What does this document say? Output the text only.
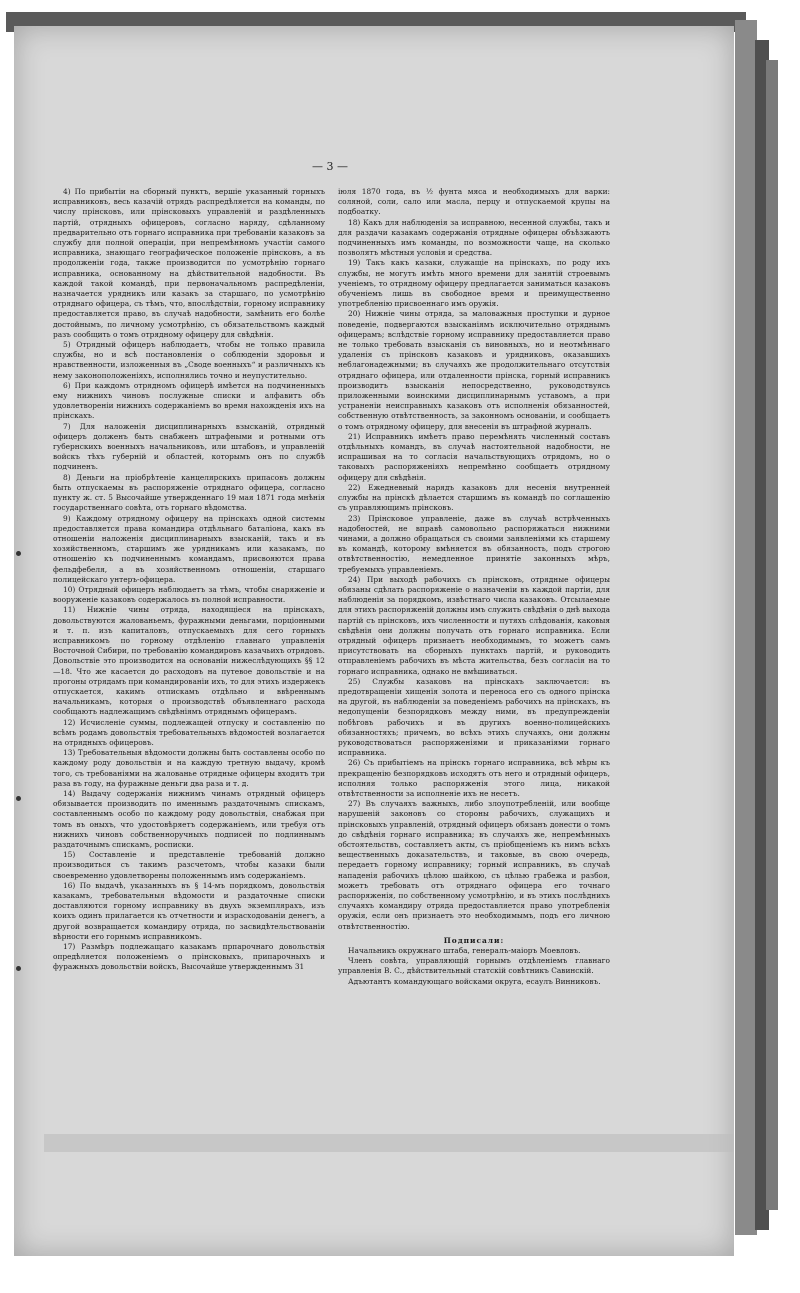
— 3 —

4) По прибытіи на сборный пунктъ, вершіе указанный горныхъ исправниковъ, весь казачій отрядъ распредѣляется на команды, по числу прінсковъ, или прінсковыхъ управленій и раздѣленныхъ партій, отрядныхъ офицеровъ, согласно наряду, сдѣланному предварительно отъ горнаго исправника при требованіи казаковъ за службу для полной операціи, при непремѣнномъ участіи самого исправника, знающаго географическое положеніе прінсковъ, а въ продолженіи года, также производится по усмотрѣнію горнаго исправника, основанному на дѣйствительной надобности. Въ каждой такой командѣ, при первоначальномъ распредѣленіи, назначается урядникъ или казакъ за старшаго, по усмотрѣнію отряднаго офицера, съ тѣмъ, что, впослѣдствіи, горному исправнику предоставляется право, въ случаѣ надобности, замѣнить его болѣе достойнымъ, по личному усмотрѣнію, съ обязательствомъ каждый разъ сообщить о томъ отрядному офицеру для свѣдѣнія.

5) Отрядный офицеръ наблюдаетъ, чтобы не только правила службы, но и всѣ постановленія о соблюденіи здоровья и нравственности, изложенныя въ „Своде военныхъ“ и различныхъ къ нему законоположеніяхъ, исполнялись точно и неупустительно.

6) При каждомъ отрядномъ офицерѣ имѣется на подчиненныхъ ему нижнихъ чиновъ послужные списки и алфавитъ объ удовлетвореніи нижнихъ содержаніемъ во время нахожденія ихъ на прінскахъ.

7) Для наложенія дисциплинарныхъ взысканій, отрядный офицеръ долженъ быть снабженъ штрафными и ротными отъ губернскихъ военныхъ начальниковъ, или штабовъ, и управленій войскъ тѣхъ губерній и областей, которымъ онъ по службѣ подчиненъ.

8) Деньги на пріобрѣтеніе канцелярскихъ припасовъ должны быть отпускаемы въ распоряженіе отряднаго офицера, согласно пункту ж. ст. 5 Высочайше утвержденнаго 19 мая 1871 года мнѣнія государственнаго совѣта, отъ горнаго вѣдомства.

9) Каждому отрядному офицеру на прінскахъ одной системы предоставляется права командира отдѣльнаго баталіона, какъ въ отношеніи наложенія дисциплинарныхъ взысканій, такъ и въ хозяйственномъ, старшимъ же урядникамъ или казакамъ, по отношенію къ подчиненнымъ командамъ, присвояются права фельдфебеля, а въ хозяйственномъ отношеніи, старшаго полицейскаго унтеръ-офицера.

10) Отрядный офицеръ наблюдаетъ за тѣмъ, чтобы снаряженіе и вооруженіе казаковъ содержалось въ полной исправности.

11) Нижніе чины отряда, находящіеся на прінскахъ, довольствуются жалованьемъ, фуражными деньгами, порціонными и т. п. изъ капиталовъ, отпускаемыхъ для сего горныхъ исправникомъ по горному отдѣленію главнаго управленія Восточной Сибири, по требованію командировъ казачьихъ отрядовъ. Довольствіе это производится на основаніи нижеслѣдующихъ §§ 12—18. Что же касается до расходовъ на путевое довольствіе и на прогоны отрядамъ при командированіи ихъ, то для этихъ издержекъ отпускается, какимъ отпискамъ отдѣльно и ввѣреннымъ начальникамъ, которыя о производствѣ объявленнаго расхода сообщаютъ надлежащимъ свѣдѣніямъ отряднымъ офицерамъ.

12) Исчисленіе суммы, подлежащей отпуску и составленію по всѣмъ родамъ довольствія требовательныхъ вѣдомостей возлагается на отрядныхъ офицеровъ.

13) Требовательныя вѣдомости должны быть составлены особо по каждому роду довольствія и на каждую третную выдачу, кромѣ того, съ требованіями на жалованье отрядные офицеры входятъ три раза въ году, на фуражные деньги два раза и т. д.

14) Выдачу содержанія нижнимъ чинамъ отрядный офицеръ обязывается производить по именнымъ раздаточнымъ спискамъ, составленнымъ особо по каждому роду довольствія, снабжая при томъ въ оныхъ, что удостовѣряетъ содержаніемъ, или требуя отъ нижнихъ чиновъ собственноручныхъ подписей по подлиннымъ раздаточнымъ спискамъ, росписки.

15) Составленіе и представленіе требованій должно производиться съ такимъ разсчетомъ, чтобы казаки были своевременно удовлетворены положеннымъ имъ содержаніемъ.

16) По выдачѣ, указанныхъ въ § 14-мъ порядкомъ, довольствія казакамъ, требовательныя вѣдомости и раздаточные списки доставляются горному исправнику въ двухъ экземплярахъ, изъ коихъ одинъ прилагается къ отчетности и израсходованіи денегъ, а другой возвращается командиру отряда, по засвидѣтельствованіи вѣрности его горнымъ исправникомъ.

17) Размѣръ подлежащаго казакамъ прпарочнаго довольствія опредѣляется положеніемъ о прінсковыхъ, припарочныхъ и фуражныхъ довольствіи войскъ, Высочайше утвержденнымъ 31

іюля 1870 года, въ ½ фунта мяса и необходимыхъ для варки: соляной, соли, сало или масла, перцу и отпускаемой крупы на подбоатку.

18) Какъ для наблюденія за исправною, несенной службы, такъ и для раздачи казакамъ содержанія отрядные офицеры объѣзжаютъ подчиненныхъ имъ команды, по возможности чаще, на сколько позволятъ мѣстныя условія и средства.

19) Такъ какъ казаки, служащіе на прінскахъ, по роду ихъ службы, не могутъ имѣть много времени для занятій строевымъ ученіемъ, то отрядному офицеру предлагается заниматься казаковъ обученіемъ лишь въ свободное время и преимущественно употребленію присвоеннаго имъ оружія.

20) Нижніе чины отряда, за маловажныя проступки и дурное поведеніе, подвергаются взысканіямъ исключительно отряднымъ офицерамъ; вслѣдствіе горному исправнику предоставляется право не только требовать взысканія съ виновныхъ, но и неотмѣннаго удаленія съ прінсковъ казаковъ и урядниковъ, оказавшихъ неблагонадежными; въ случаяхъ же продолжительнаго отсутствія отряднаго офицера, или отдаленности прінска, горный исправникъ производитъ взысканія непосредственно, руководствуясь приложенными воинскими дисциплинарнымъ уставомъ, а при устраненіи неисправныхъ казаковъ отъ исполненія обязанностей, собственную отвѣтственность, за законномъ основаніи, и сообщаетъ о томъ отрядному офицеру, для внесенія въ штрафной журналъ.

21) Исправникъ имѣетъ право перемѣнять численный составъ отдѣльныхъ командъ, въ случаѣ настоятельной надобности, не испрашивая на то согласія начальствующихъ отрядомъ, но о таковыхъ распоряженіяхъ непремѣнно сообщаетъ отрядному офицеру для свѣдѣнія.

22) Ежедневный нарядъ казаковъ для несенія внутренней службы на прінскѣ дѣлается старшимъ въ командѣ по соглашенію съ управляющимъ прінсковъ.

23) Прінсковое управленіе, даже въ случаѣ встрѣченныхъ надобностей, не вправѣ самовольно распоряжаться нижними чинами, а должно обращаться съ своими заявленіями къ старшему въ командѣ, которому вмѣняется въ обязанность, подъ строгою отвѣтственностію, немедленное принятіе законныхъ мѣръ, требуемыхъ управленіемъ.

24) При выходѣ рабочихъ съ прінсковъ, отрядные офицеры обязаны сдѣлать распоряженіе о назначеніи въ каждой партіи, для наблюденія за порядкомъ, извѣстнаго числа казаковъ. Отсылаемые для этихъ распоряженій должны имъ служить свѣдѣнія о днѣ выхода партій съ прінсковъ, ихъ численности и путяхъ слѣдованія, каковыя свѣдѣнія они должны получать отъ горнаго исправника. Если отрядный офицеръ признаетъ необходимымъ, то можетъ самъ присутствовать на сборныхъ пунктахъ партій, и руководить отправленіемъ рабочихъ въ мѣста жительства, безъ согласія на то горнаго исправника, однако не вмѣшиваться.

25) Службы казаковъ на прінскахъ заключается: въ предотвращеніи хищенія золота и переноса его съ одного прінска на другой, въ наблюденіи за поведеніемъ рабочихъ на прінскахъ, въ недопущеніи безпорядковъ между ними, въ предупрежденіи побѣговъ рабочихъ и въ другихъ военно-полицейскихъ обязанностяхъ; причемъ, во всѣхъ этихъ случаяхъ, они должны руководствоваться распоряженіями и приказаніями горнаго исправника.

26) Съ прибытіемъ на прінскъ горнаго исправника, всѣ мѣры къ прекращенію безпорядковъ исходятъ отъ него и отрядный офицеръ, исполняя только распоряженія этого лица, никакой отвѣтственности за исполненіе ихъ не несетъ.

27) Въ случаяхъ важныхъ, либо злоупотребленій, или вообще нарушеній законовъ со стороны рабочихъ, служащихъ и прінсковыхъ управленій, отрядный офицеръ обязанъ донести о томъ до свѣдѣнія горнаго исправника; въ случаяхъ же, непремѣнныхъ обстоятельствъ, составляетъ акты, съ пріобщеніемъ къ нимъ всѣхъ вещественныхъ доказательствъ, и таковые, въ свою очередь, передаетъ горному исправнику; горный исправникъ, въ случаѣ нападенія рабочихъ цѣлою шайкою, съ цѣлью грабежа и разбоя, можетъ требовать отъ отряднаго офицера его точнаго распоряженія, по собственному усмотрѣнію, и въ этихъ послѣднихъ случаяхъ командиру отряда предоставляется право употребленія оружія, если онъ признаетъ это необходимымъ, подъ его личною отвѣтственностію.

Подписали:

Начальникъ окружнаго штаба, генералъ-маіоръ Моевловъ.

Членъ совѣта, управляющій горнымъ отдѣленіемъ главнаго управленія В. С., дѣйствительный статскій совѣтникъ Савинскій.

Адъютантъ командующаго войсками округа, есаулъ Винниковъ.
